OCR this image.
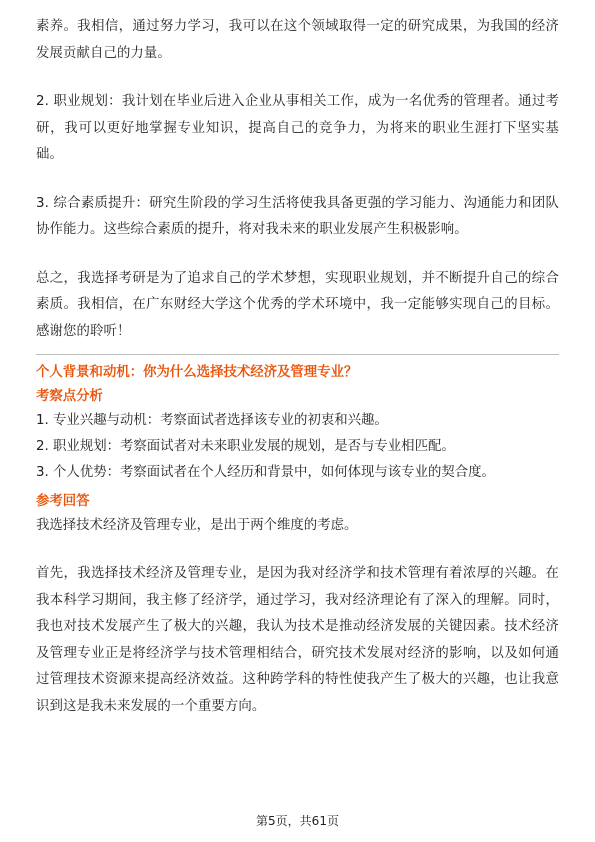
素养。我相信，通过努力学习，我可以在这个领域取得一定的研究成果，为我国的经济发展贡献自己的力量。

2. 职业规划：我计划在毕业后进入企业从事相关工作，成为一名优秀的管理者。通过考研，我可以更好地掌握专业知识，提高自己的竞争力，为将来的职业生涯打下坚实基础。

3. 综合素质提升：研究生阶段的学习生活将使我具备更强的学习能力、沟通能力和团队协作能力。这些综合素质的提升，将对我未来的职业发展产生积极影响。

总之，我选择考研是为了追求自己的学术梦想，实现职业规划，并不断提升自己的综合素质。我相信，在广东财经大学这个优秀的学术环境中，我一定能够实现自己的目标。感谢您的聆听！

个人背景和动机：你为什么选择技术经济及管理专业？

考察点分析

1. 专业兴趣与动机：考察面试者选择该专业的初衷和兴趣。

2. 职业规划：考察面试者对未来职业发展的规划，是否与专业相匹配。

3. 个人优势：考察面试者在个人经历和背景中，如何体现与该专业的契合度。

参考回答

我选择技术经济及管理专业，是出于两个维度的考虑。

首先，我选择技术经济及管理专业，是因为我对经济学和技术管理有着浓厚的兴趣。在我本科学习期间，我主修了经济学，通过学习，我对经济理论有了深入的理解。同时，我也对技术发展产生了极大的兴趣，我认为技术是推动经济发展的关键因素。技术经济及管理专业正是将经济学与技术管理相结合，研究技术发展对经济的影响，以及如何通过管理技术资源来提高经济效益。这种跨学科的特性使我产生了极大的兴趣，也让我意识到这是我未来发展的一个重要方向。

第5页，共61页
